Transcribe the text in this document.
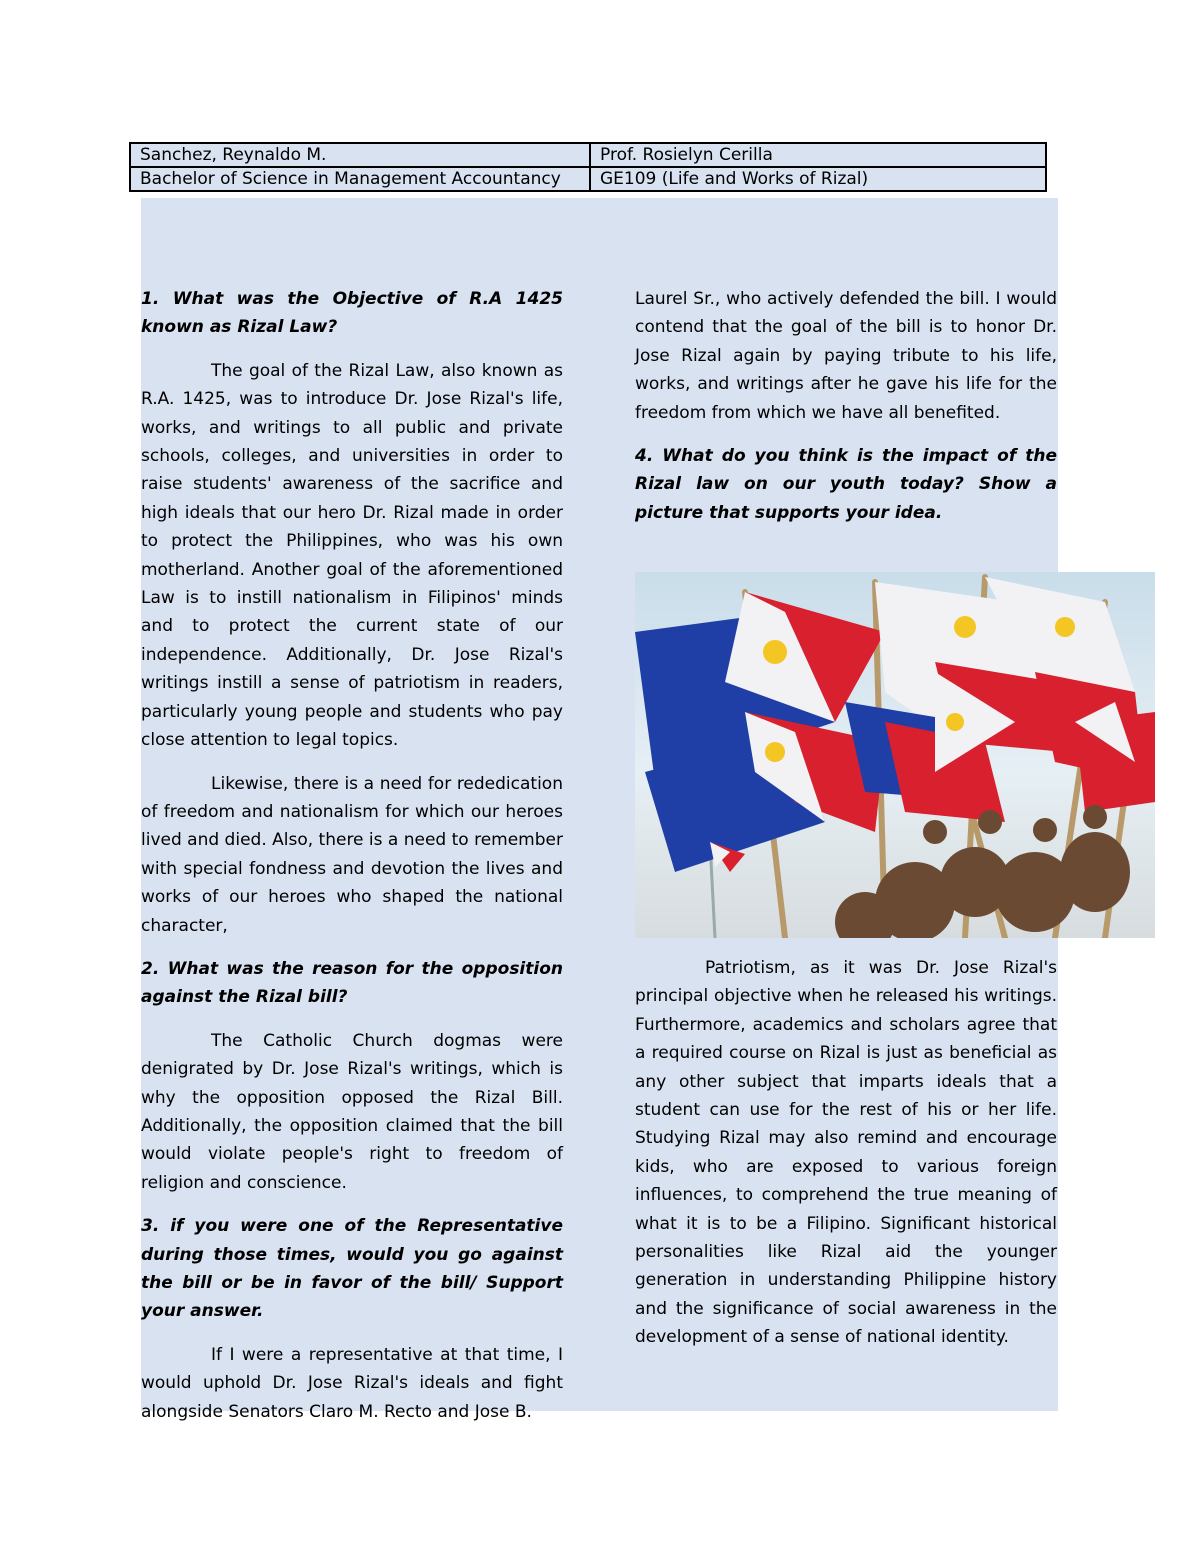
Sanchez, Reynaldo M.	Prof. Rosielyn Cerilla
Bachelor of Science in Management Accountancy	GE109 (Life and Works of Rizal)

1. What was the Objective of R.A 1425 known as Rizal Law?

The goal of the Rizal Law, also known as R.A. 1425, was to introduce Dr. Jose Rizal's life, works, and writings to all public and private schools, colleges, and universities in order to raise students' awareness of the sacrifice and high ideals that our hero Dr. Rizal made in order to protect the Philippines, who was his own motherland. Another goal of the aforementioned Law is to instill nationalism in Filipinos' minds and to protect the current state of our independence. Additionally, Dr. Jose Rizal's writings instill a sense of patriotism in readers, particularly young people and students who pay close attention to legal topics.

Likewise, there is a need for rededication of freedom and nationalism for which our heroes lived and died. Also, there is a need to remember with special fondness and devotion the lives and works of our heroes who shaped the national character,

2. What was the reason for the opposition against the Rizal bill?

The Catholic Church dogmas were denigrated by Dr. Jose Rizal's writings, which is why the opposition opposed the Rizal Bill. Additionally, the opposition claimed that the bill would violate people's right to freedom of religion and conscience.

3. if you were one of the Representative during those times, would you go against the bill or be in favor of the bill/ Support your answer.

If I were a representative at that time, I would uphold Dr. Jose Rizal's ideals and fight alongside Senators Claro M. Recto and Jose B.

Laurel Sr., who actively defended the bill. I would contend that the goal of the bill is to honor Dr. Jose Rizal again by paying tribute to his life, works, and writings after he gave his life for the freedom from which we have all benefited.

4. What do you think is the impact of the Rizal law on our youth today? Show a picture that supports your idea.

Patriotism, as it was Dr. Jose Rizal's principal objective when he released his writings. Furthermore, academics and scholars agree that a required course on Rizal is just as beneficial as any other subject that imparts ideals that a student can use for the rest of his or her life. Studying Rizal may also remind and encourage kids, who are exposed to various foreign influences, to comprehend the true meaning of what it is to be a Filipino. Significant historical personalities like Rizal aid the younger generation in understanding Philippine history and the significance of social awareness in the development of a sense of national identity.
